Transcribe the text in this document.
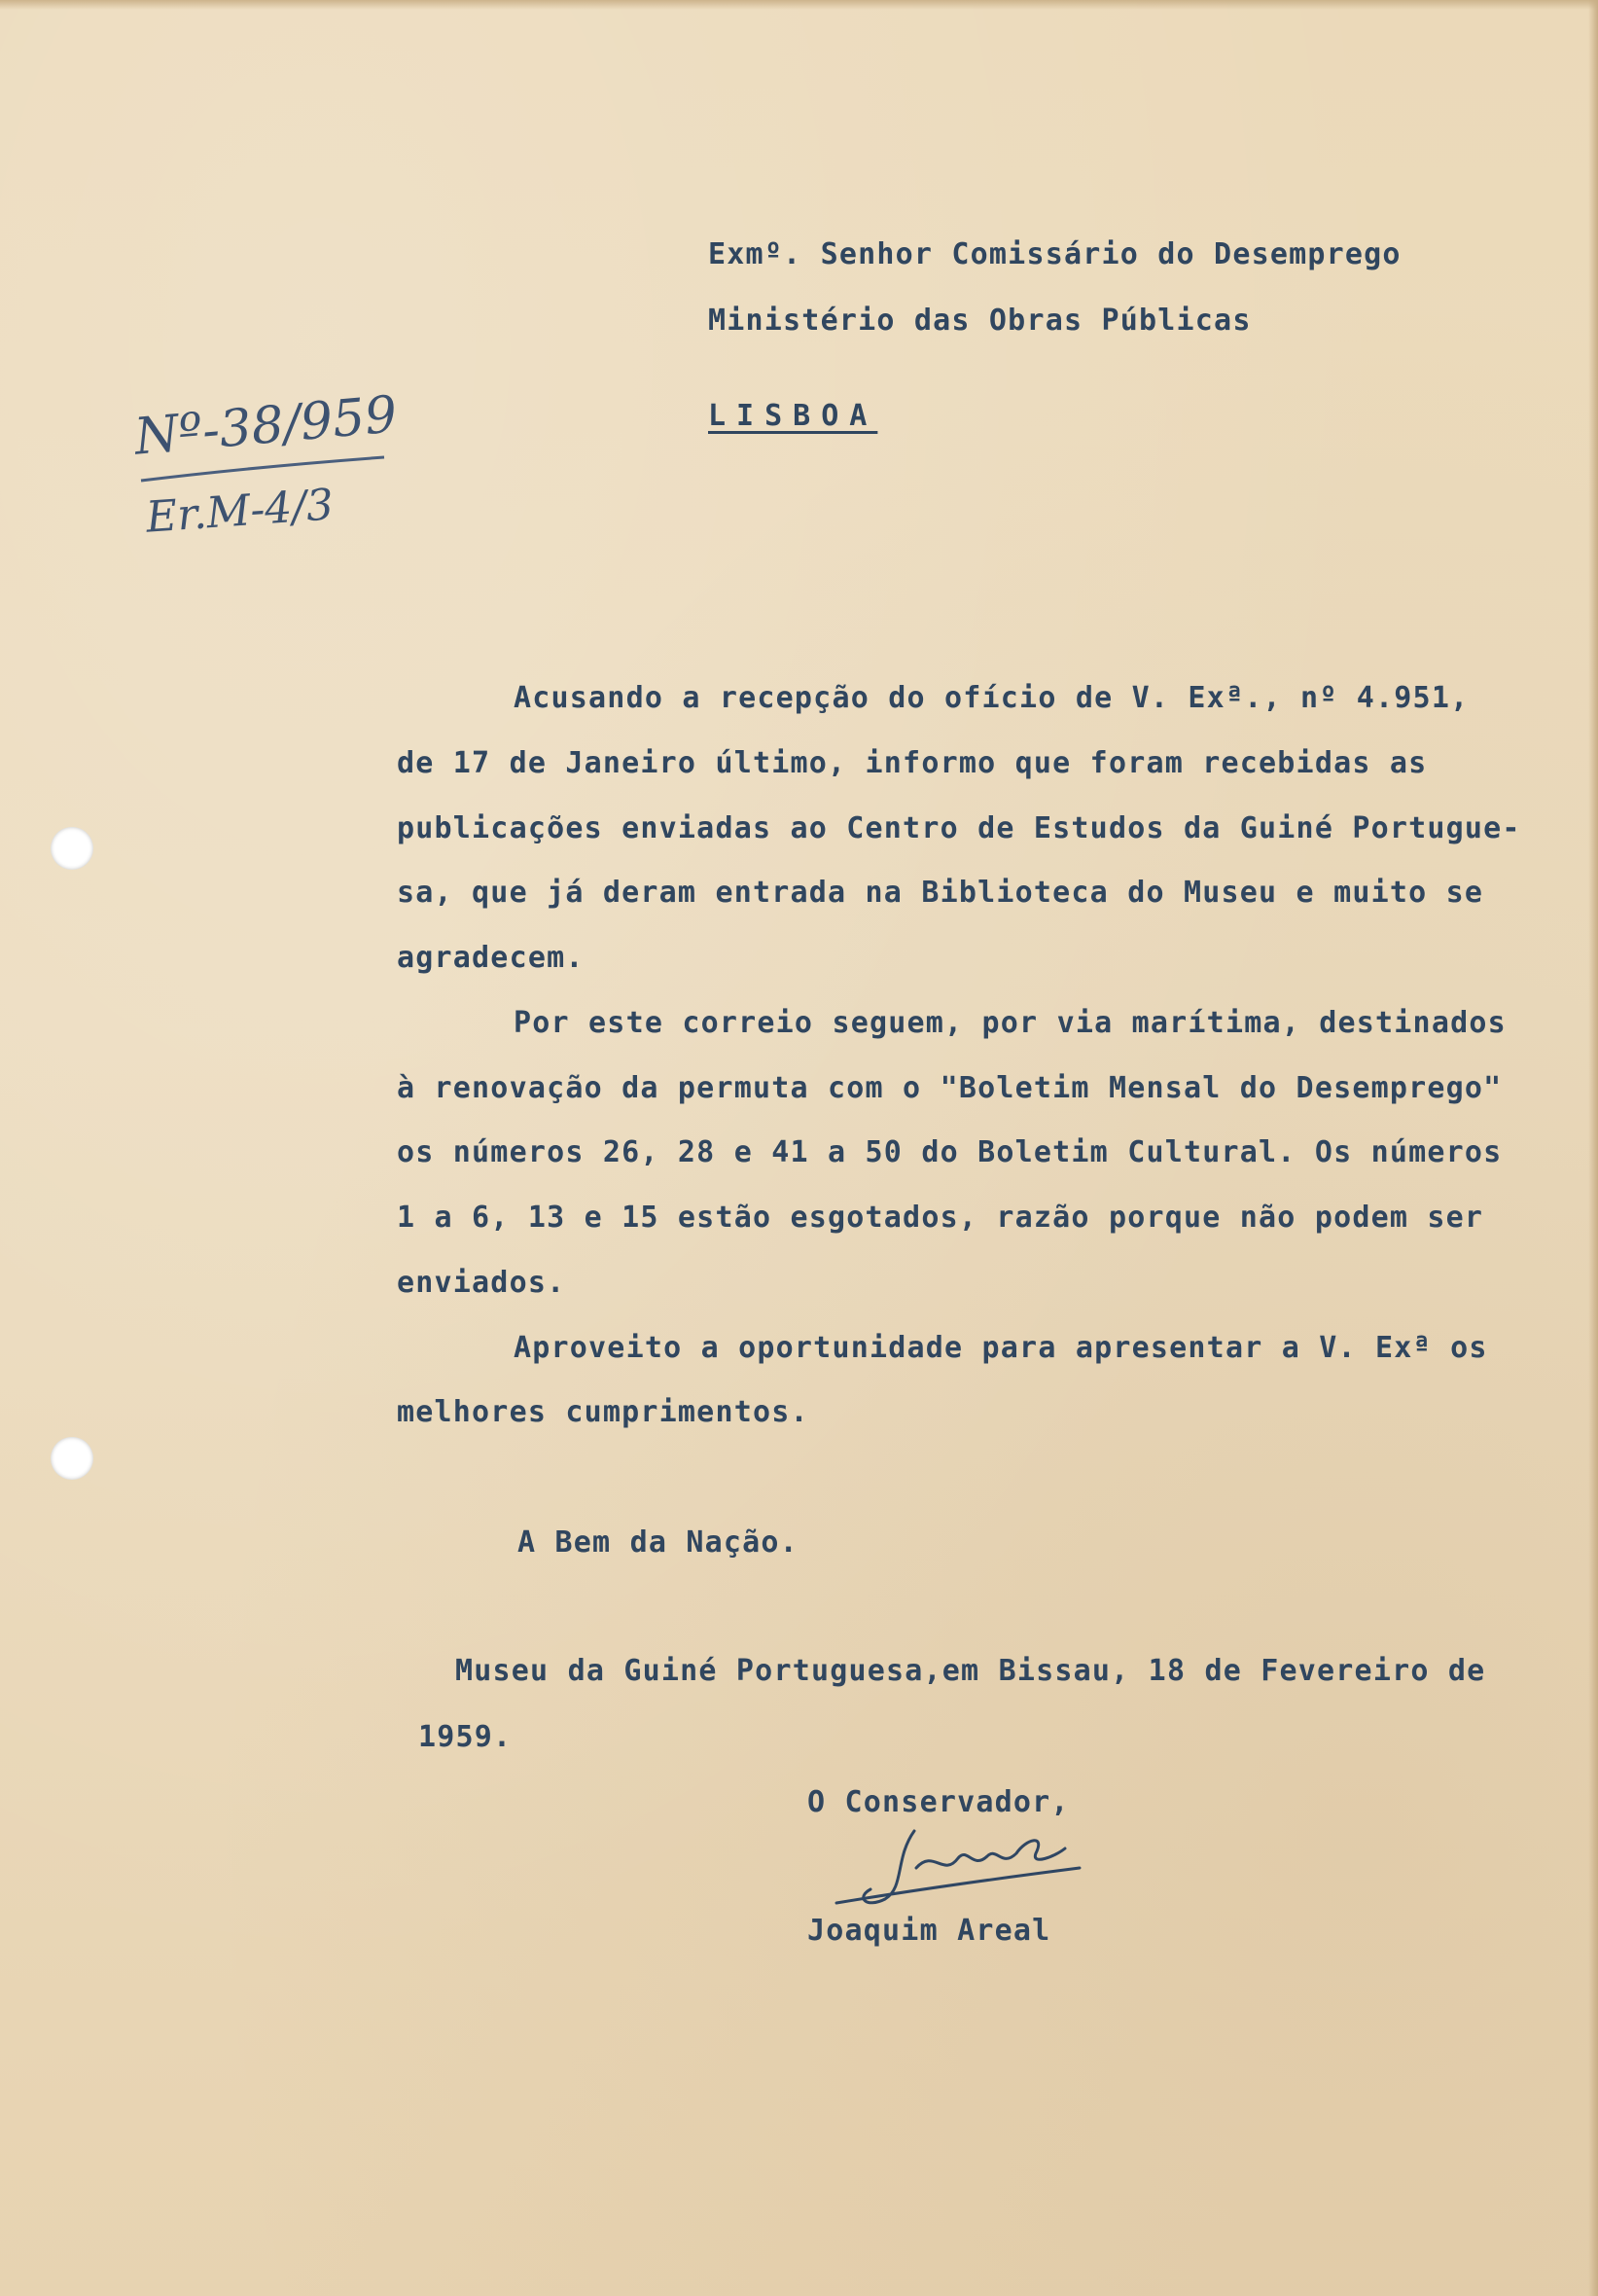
Exmº. Senhor Comissário do Desemprego
Ministério das Obras Públicas
LISBOA
Nº-38/959
Er.M-4/3
Acusando a recepção do ofício de V. Exª., nº 4.951,
de 17 de Janeiro último, informo que foram recebidas as
publicações enviadas ao Centro de Estudos da Guiné Portugue-
sa, que já deram entrada na Biblioteca do Museu e muito se
agradecem.
Por este correio seguem, por via marítima, destinados
à renovação da permuta com o "Boletim Mensal do Desemprego"
os números 26, 28 e 41 a 50 do Boletim Cultural. Os números
1 a 6, 13 e 15 estão esgotados, razão porque não podem ser
enviados.
Aproveito a oportunidade para apresentar a V. Exª os
melhores cumprimentos.
A Bem da Nação.
Museu da Guiné Portuguesa,em Bissau, 18 de Fevereiro de
1959.
O Conservador,
Joaquim Areal
